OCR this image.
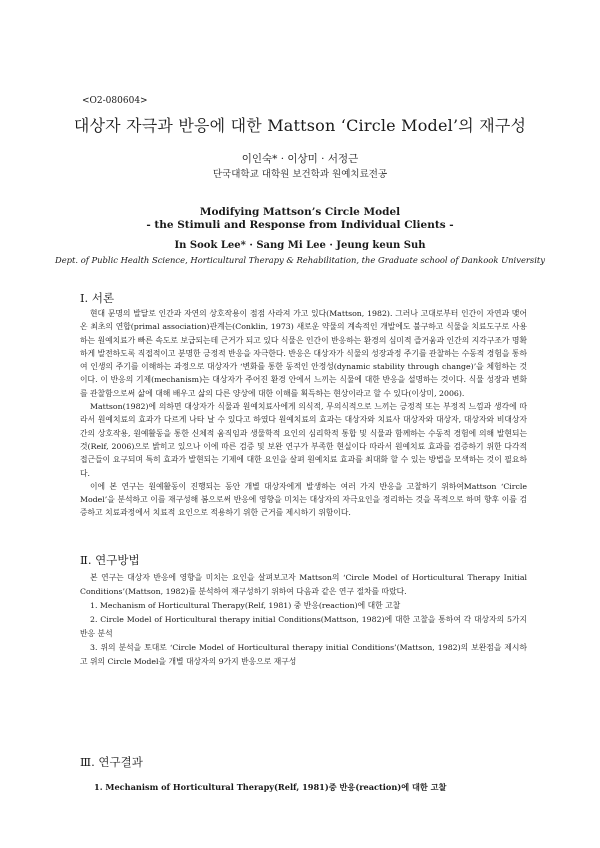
<O2-080604>
대상자 자극과 반응에 대한 Mattson ‘Circle Model’의 재구성
이인숙* · 이상미 · 서정근
단국대학교 대학원 보건학과 원예치료전공
Modifying Mattson’s Circle Model
- the Stimuli and Response from Individual Clients -
In Sook Lee* · Sang Mi Lee · Jeung keun Suh
Dept. of Public Health Science, Horticultural Therapy & Rehabilitation, the Graduate school of Dankook University
Ⅰ. 서론

현대 문명의 발달로 인간과 자연의 상호작용이 점점 사라져 가고 있다(Mattson, 1982). 그러나 고대로부터 인간이 자연과 맺어 온 최초의 연합(primal association)관계는(Conklin, 1973) 새로운 약물의 계속적인 개발에도 불구하고 식물을 치료도구로 사용하는 원예치료가 빠른 속도로 보급되는데 근거가 되고 있다 식물은 인간이 반응하는 환경의 심미적 즐거움과 인간의 지각구조가 명확하게 발전하도록 직접적이고 분명한 긍정적 반응을 자극한다. 반응은 대상자가 식물의 성장과정 주기를 관찰하는 수동적 경험을 통하여 인생의 주기를 이해하는 과정으로 대상자가 ‘변화를 통한 동적인 안정성(dynamic stability through change)’을 체험하는 것이다. 이 반응의 기제(mechanism)는 대상자가 주어진 환경 안에서 느끼는 식물에 대한 반응을 설명하는 것이다. 식물 성장과 변화를 관찰함으로써 삶에 대해 배우고 삶의 다른 양상에 대한 이해를 획득하는 현상이라고 할 수 있다(이상미, 2006).

Mattson(1982)에 의하면 대상자가 식물과 원예치료사에게 의식적, 무의식적으로 느끼는 긍정적 또는 부정적 느낌과 생각에 따라서 원예치료의 효과가 다르게 나타 날 수 있다고 하였다 원예치료의 효과는 대상자와 치료사 대상자와 대상자, 대상자와 비대상자간의 상호작용, 원예활동을 통한 신체적 움직임과 생물학적 요인의 심리학적 통합 및 식물과 함께하는 수동적 경험에 의해 발현되는 것(Relf, 2006)으로 밝히고 있으나 이에 따른 검증 및 보완 연구가 부족한 현실이다 따라서 원예치료 효과를 검증하기 위한 다각적 접근들이 요구되며 특히 효과가 발현되는 기제에 대한 요인을 살펴 원예치료 효과를 최대화 할 수 있는 방법을 모색하는 것이 필요하다.

이에 본 연구는 원예활동이 진행되는 동안 개별 대상자에게 발생하는 여러 가지 반응을 고찰하기 위하여Mattson ‘Circle Model’을 분석하고 이를 재구성해 봄으로써 반응에 영향을 미치는 대상자의 자극요인을 정리하는 것을 목적으로 하며 향후 이를 검증하고 치료과정에서 치료적 요인으로 적용하기 위한 근거를 제시하기 위함이다.

Ⅱ. 연구방법

본 연구는 대상자 반응에 영향을 미치는 요인을 살펴보고자 Mattson의 ‘Circle Model of Horticultural Therapy Initial Conditions’(Mattson, 1982)를 분석하여 재구성하기 위하여 다음과 같은 연구 절차를 따랐다.

1. Mechanism of Horticultural Therapy(Relf, 1981) 중 반응(reaction)에 대한 고찰

2. Circle Model of Horticultural therapy initial Conditions(Mattson, 1982)에 대한 고찰을 통하여 각 대상자의 5가지 반응 분석

3. 위의 분석을 토대로 ‘Circle Model of Horticultural therapy initial Conditions’(Mattson, 1982)의 보완점을 제시하고 위의 Circle Model을 개별 대상자의 9가지 반응으로 재구성

Ⅲ. 연구결과
1. Mechanism of Horticultural Therapy(Relf, 1981)중 반응(reaction)에 대한 고찰
